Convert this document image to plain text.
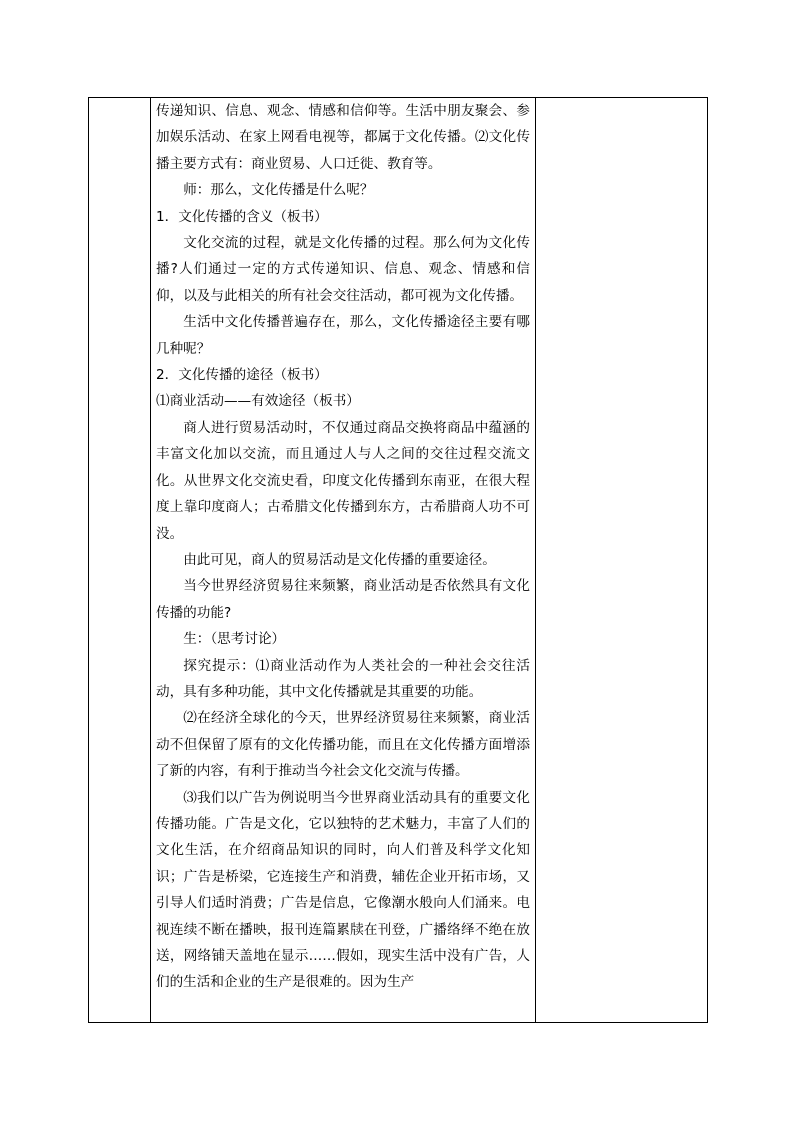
传递知识、信息、观念、情感和信仰等。生活中朋友聚会、参加娱乐活动、在家上网看电视等，都属于文化传播。⑵文化传播主要方式有：商业贸易、人口迁徙、教育等。

师：那么，文化传播是什么呢？

1．文化传播的含义（板书）

文化交流的过程，就是文化传播的过程。那么何为文化传播?人们通过一定的方式传递知识、信息、观念、情感和信仰，以及与此相关的所有社会交往活动，都可视为文化传播。

生活中文化传播普遍存在，那么，文化传播途径主要有哪几种呢？

2．文化传播的途径（板书）

⑴商业活动——有效途径（板书）

商人进行贸易活动时，不仅通过商品交换将商品中蕴涵的丰富文化加以交流，而且通过人与人之间的交往过程交流文化。从世界文化交流史看，印度文化传播到东南亚，在很大程度上靠印度商人；古希腊文化传播到东方，古希腊商人功不可没。

由此可见，商人的贸易活动是文化传播的重要途径。

当今世界经济贸易往来频繁，商业活动是否依然具有文化传播的功能?

生：（思考讨论）

探究提示：⑴商业活动作为人类社会的一种社会交往活动，具有多种功能，其中文化传播就是其重要的功能。

⑵在经济全球化的今天，世界经济贸易往来频繁，商业活动不但保留了原有的文化传播功能，而且在文化传播方面增添了新的内容，有利于推动当今社会文化交流与传播。

⑶我们以广告为例说明当今世界商业活动具有的重要文化传播功能。广告是文化，它以独特的艺术魅力，丰富了人们的文化生活，在介绍商品知识的同时，向人们普及科学文化知识；广告是桥梁，它连接生产和消费，辅佐企业开拓市场，又引导人们适时消费；广告是信息，它像潮水般向人们涌来。电视连续不断在播映，报刊连篇累牍在刊登，广播络绎不绝在放送，网络铺天盖地在显示……假如，现实生活中没有广告，人们的生活和企业的生产是很难的。因为生产
